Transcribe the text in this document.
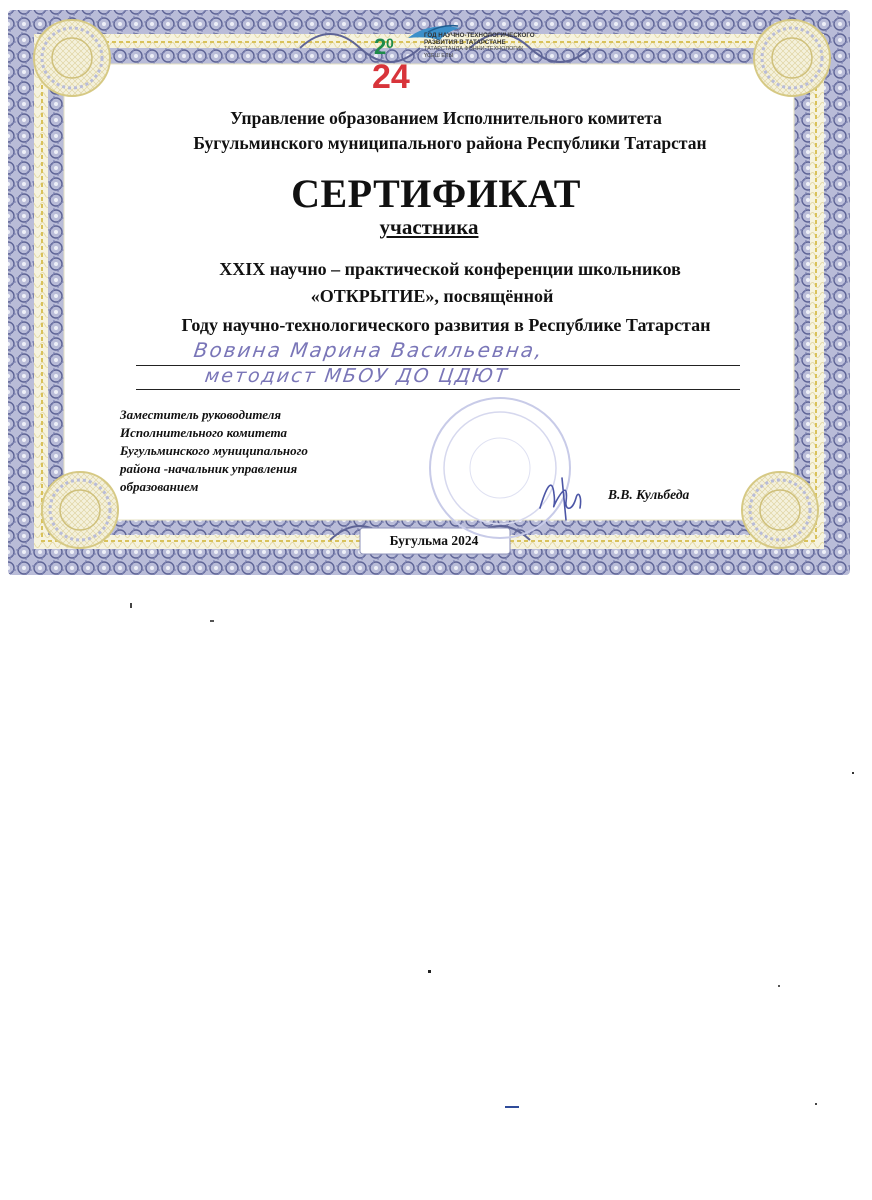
2 0
24
ГОД НАУЧНО-ТЕХНОЛОГИЧЕСКОГО
РАЗВИТИЯ В ТАТАРСТАНЕ
ТАТАРСТАНДА ФӘННИ-ТЕХНОЛОГИК
ҮСЕШ ЕЛЫ
Управление образованием Исполнительного комитета
Бугульминского муниципального района Республики Татарстан
СЕРТИФИКАТ
участника
XXIX научно – практической конференции школьников
«ОТКРЫТИЕ», посвящённой
Году научно-технологического развития в Республике Татарстан
Вовина Марина Васильевна,
методист МБОУ ДО ЦДЮТ
Заместитель руководителя
Исполнительного комитета
Бугульминского муниципального
района -начальник управления
образованием
В.В. Кульбеда
Бугульма 2024
